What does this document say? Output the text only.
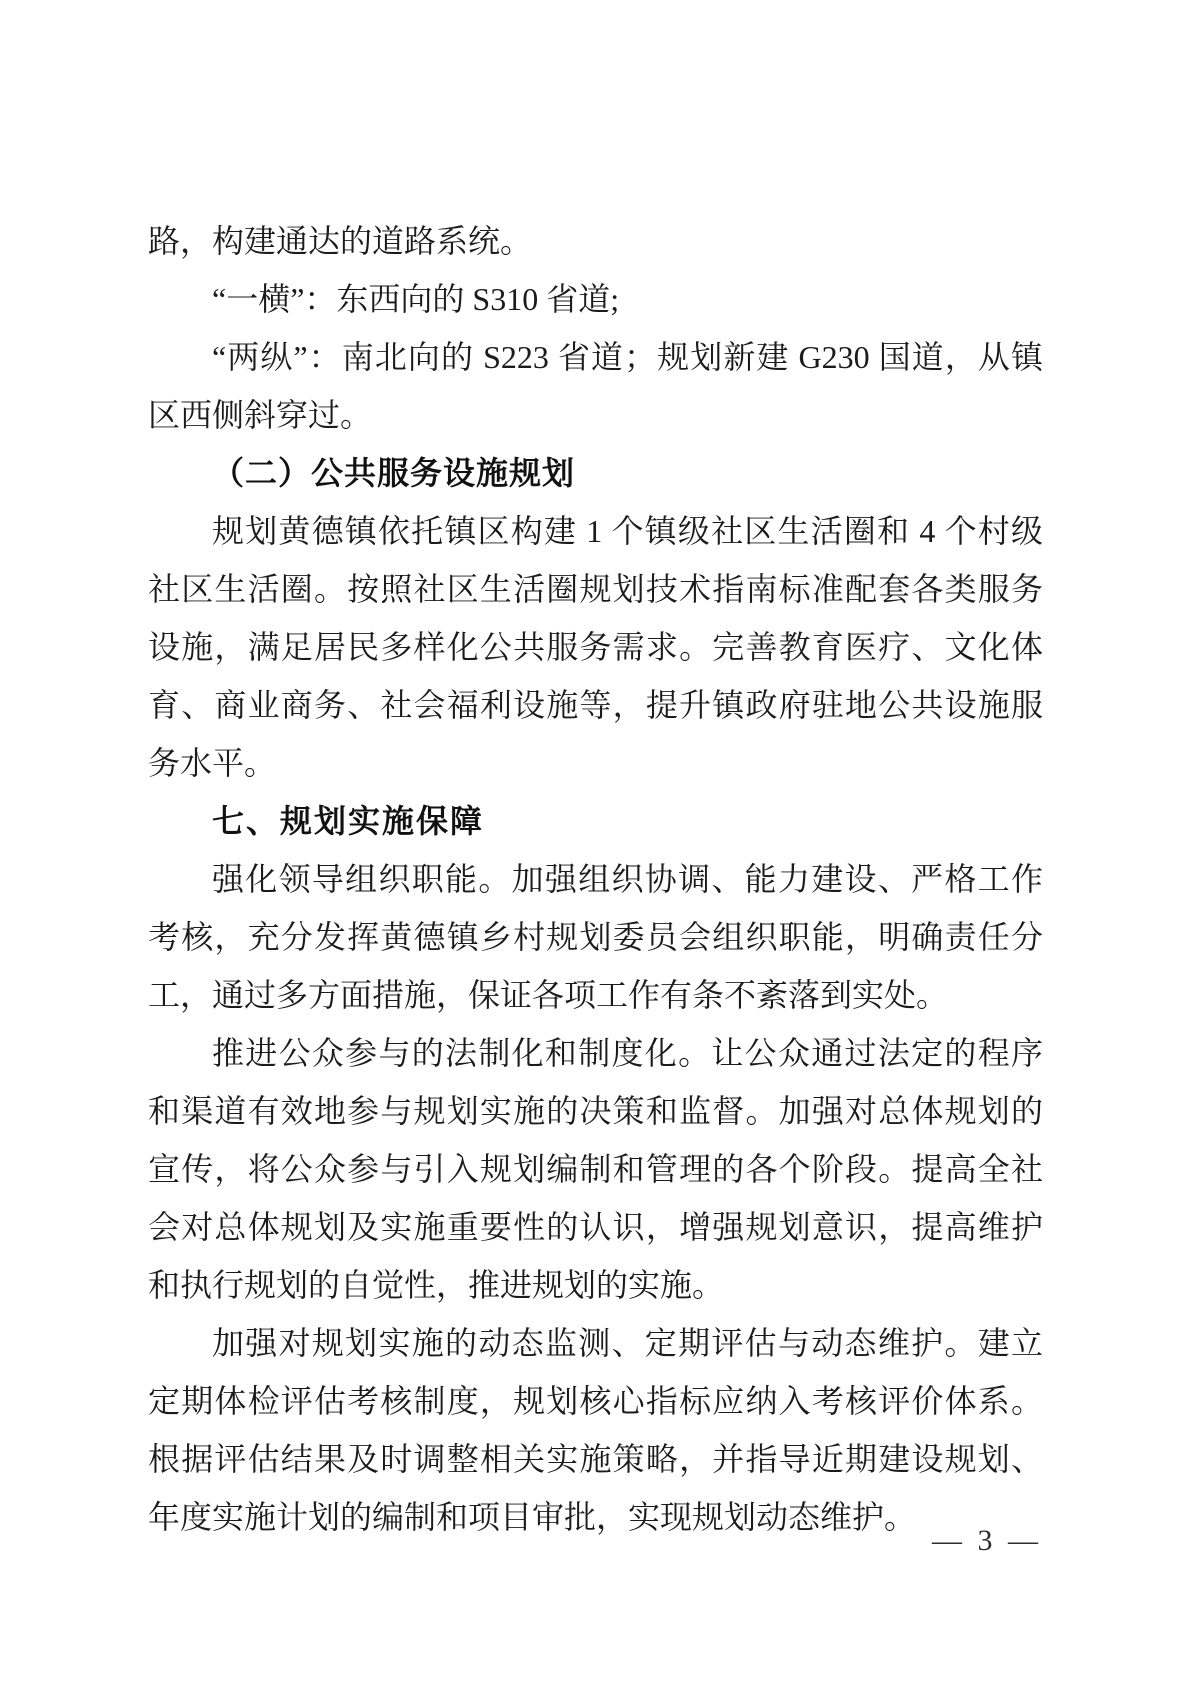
路，构建通达的道路系统。

“一横”：东西向的 S310 省道;

“两纵”：南北向的 S223 省道；规划新建 G230 国道，从镇区西侧斜穿过。

（二）公共服务设施规划

规划黄德镇依托镇区构建 1 个镇级社区生活圈和 4 个村级社区生活圈。按照社区生活圈规划技术指南标准配套各类服务设施，满足居民多样化公共服务需求。完善教育医疗、文化体育、商业商务、社会福利设施等，提升镇政府驻地公共设施服务水平。

七、规划实施保障

强化领导组织职能。加强组织协调、能力建设、严格工作考核，充分发挥黄德镇乡村规划委员会组织职能，明确责任分工，通过多方面措施，保证各项工作有条不紊落到实处。

推进公众参与的法制化和制度化。让公众通过法定的程序和渠道有效地参与规划实施的决策和监督。加强对总体规划的宣传，将公众参与引入规划编制和管理的各个阶段。提高全社会对总体规划及实施重要性的认识，增强规划意识，提高维护和执行规划的自觉性，推进规划的实施。

加强对规划实施的动态监测、定期评估与动态维护。建立定期体检评估考核制度，规划核心指标应纳入考核评价体系。根据评估结果及时调整相关实施策略，并指导近期建设规划、年度实施计划的编制和项目审批，实现规划动态维护。

— 3 —
